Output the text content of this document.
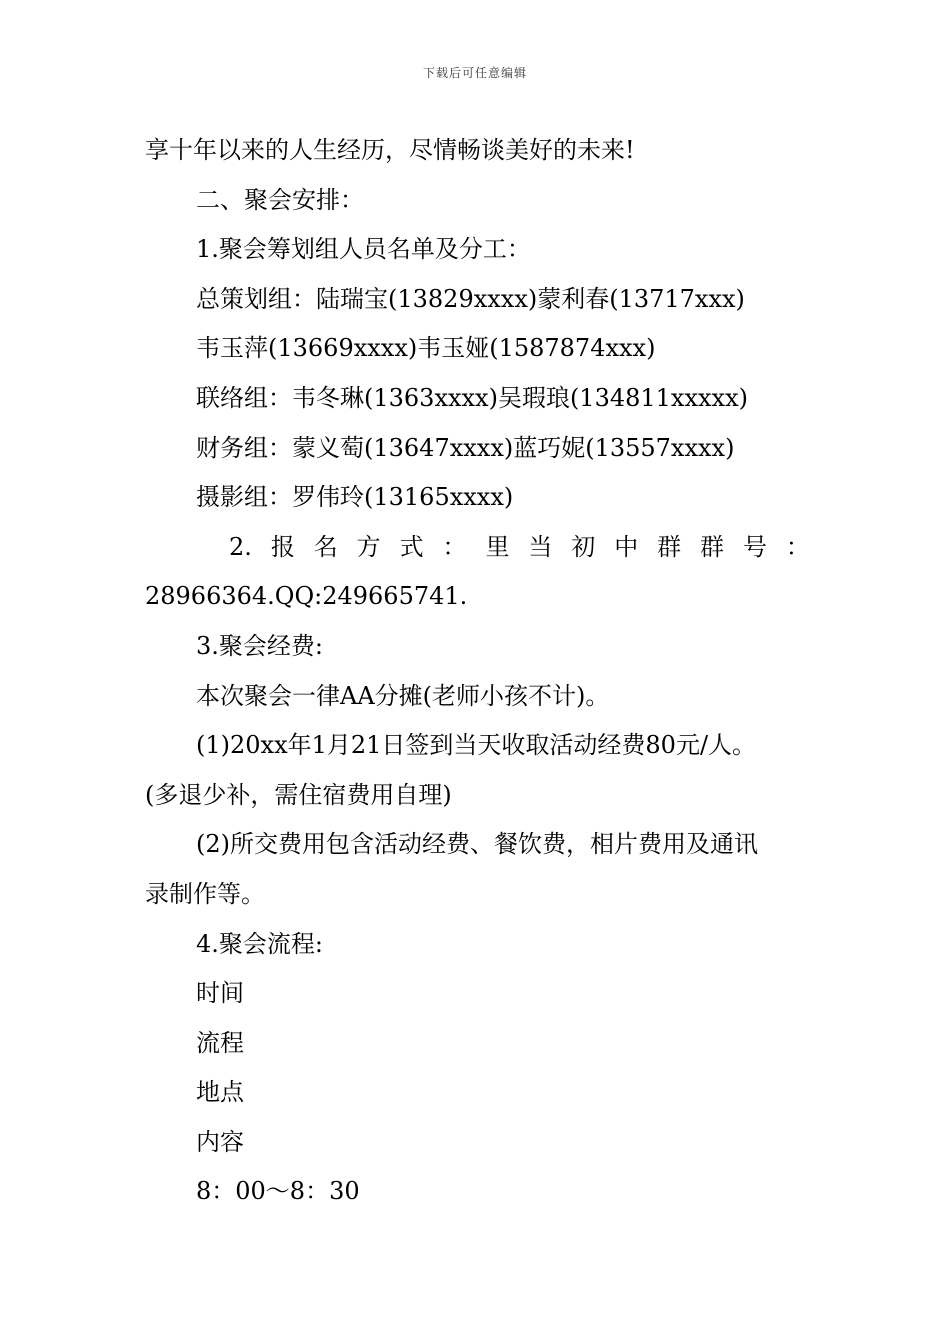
下载后可任意编辑
享十年以来的人生经历，尽情畅谈美好的未来!
二、聚会安排：
1.聚会筹划组人员名单及分工：
总策划组：陆瑞宝(13829xxxx)蒙利春(13717xxx)
韦玉萍(13669xxxx)韦玉娅(1587874xxx)
联络组：韦冬琳(1363xxxx)吴瑕琅(134811xxxxx)
财务组：蒙义萄(13647xxxx)蓝巧妮(13557xxxx)
摄影组：罗伟玲(13165xxxx)
2. 报 名 方 式 ： 里 当 初 中 群 群 号 ：
28966364.QQ:249665741.
3.聚会经费:
本次聚会一律AA分摊(老师小孩不计)。
(1)20xx年1月21日签到当天收取活动经费80元/人。
(多退少补，需住宿费用自理)
(2)所交费用包含活动经费、餐饮费，相片费用及通讯
录制作等。
4.聚会流程:
时间
流程
地点
内容
8：00～8：30
